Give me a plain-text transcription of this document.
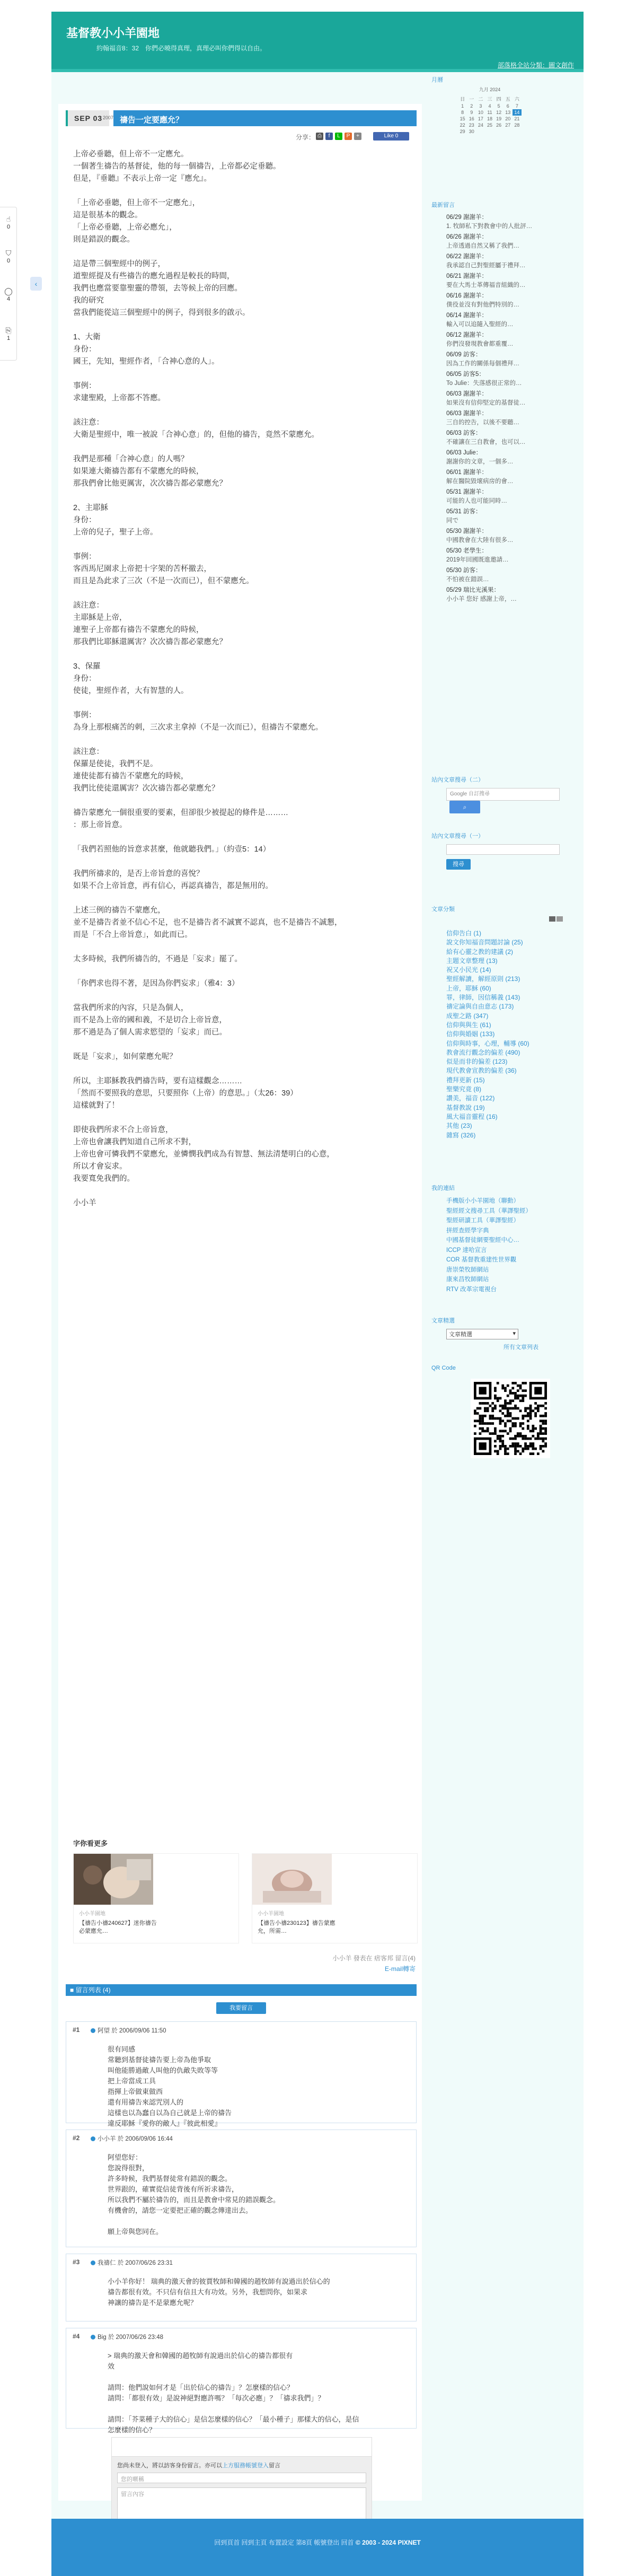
基督教小小羊園地
約翰福音8：32　你們必曉得真理，真理必叫你們得以自由。
部落格全站分類：圖文創作
☝
0
⛉
0
◯
4
⎘
1
‹
SEP 03 2007 禱告一定要應允？
分享： ⎙	f	L	P	+	Like 0
上帝必垂聽，但上帝不一定應允。
一個著生禱告的基督徒，他的每一個禱告，上帝都必定垂聽。
但是，『垂聽』不表示上帝一定『應允』。
「上帝必垂聽，但上帝不一定應允」，
這是很基本的觀念。
「上帝必垂聽，上帝必應允」，
則是錯誤的觀念。
這是帶三個聖經中的例子，
道聖經提及有些禱告的應允過程是較長的時間，
我們也應當要靠聖靈的帶領，去等候上帝的回應。
我的研究
當我們能從這三個聖經中的例子，得到很多的啟示。
1、大衛
身份：
國王，先知，聖經作者，「合神心意的人」。
事例：
求建聖殿，上帝都不答應。
該注意：
大衛是聖經中，唯一被說「合神心意」的，但他的禱告，竟然不蒙應允。
我們是那種「合神心意」的人嗎？
如果連大衛禱告都有不蒙應允的時候，
那我們會比他更厲害，次次禱告都必蒙應允？
2、主耶穌
身份：
上帝的兒子，聖子上帝。
事例：
客西馬尼園求上帝把十字架的苦杯撤去，
而且是為此求了三次（不是一次而已），但不蒙應允。
該注意：
主耶穌是上帝，
連聖子上帝都有禱告不蒙應允的時候，
那我們比耶穌還厲害？次次禱告都必蒙應允？
3、保羅
身份：
使徒，聖經作者，大有智慧的人。
事例：
為身上那根痛苦的刺，三次求主拿掉（不是一次而已），但禱告不蒙應允。
該注意：
保羅是使徒，我們不是。
連使徒都有禱告不蒙應允的時候，
我們比使徒還厲害？次次禱告都必蒙應允？
禱告蒙應允一個很重要的要素，但卻很少被提起的條件是………
：那上帝旨意。
「我們若照他的旨意求甚麼，他就聽我們。」（約壹5：14）
我們所禱求的，是否上帝旨意的喜悅？
如果不合上帝旨意，再有信心，再認真禱告，都是無用的。
上述三例的禱告不蒙應允，
並不是禱告者並不信心不足，也不是禱告者不誠實不認真，也不是禱告不誠懇，
而是「不合上帝旨意」，如此而已。
太多時候，我們所禱告的，不過是「妄求」罷了。
「你們求也得不著，是因為你們妄求」（雅4：3）
當我們所求的內容，只是為個人，
而不是為上帝的國和義，不是切合上帝旨意，
那不過是為了個人需求慾望的「妄求」而已。
既是「妄求」，如何蒙應允呢？
所以，主耶穌教我們禱告時，要有這樣觀念………
「然而不要照我的意思，只要照你（上帝）的意思。」（太26：39）
這樣就對了！
即使我們所求不合上帝旨意，
上帝也會讓我們知道自己所求不對，
上帝也會可憐我們不蒙應允，並憐憫我們成為有智慧、無法清楚明白的心意，
所以才會妄求。
我要寬免我們的。
小小羊
字你看更多
小小羊園地
【禱告小禱240627】迷你禱告必蒙應允…
小小羊園地
【禱告小禱230123】禱告蒙應允，所需…
小小羊 發表在 痞客邦 留言(4)
E-mail轉寄
■ 留言列表 (4)
我要留言
#1	阿望 於 2006/09/06 11:50
很有同感
常聽到基督徒禱告要上帝為他爭取
叫他能勝過敵人叫他的仇敵失敗等等
把上帝當成工具
指揮上帝做東做西
還有用禱告來認咒別人的
這樣也以為蠢自以為自己就是上帝的禱告
違反耶穌『愛你的敵人』『彼此相愛』

#2	小小羊 於 2006/09/06 16:44
阿望您好：
您說得很對，
許多時候，我們基督徒常有錯誤的觀念。
世界跟的，確實從信徒背後有所祈求禱告，
所以我們不屬於禱告的，而且是教會中常見的錯誤觀念。
有機會的，請您一定要把正確的觀念傳達出去。

願上帝與您同在。
#3	我禱仁 於 2007/06/26 23:31
小小羊你好！ 瑞典的激天會的彼賈牧師和韓國的趙牧師有說過出於信心的
禱告都很有效。不只信有信且大有功效。另外，我想問你，如果求
神讓的禱告是不是蒙應允呢？
#4	Big 於 2007/06/26 23:48
> 瑞典的激天會和韓國的趙牧師有說過出於信心的禱告都很有
效

請問：他們說如何才是「出於信心的禱告」？怎麼樣的信心？
請問：「都很有效」是說神絕對應許嗎？「每次必應」？「禱求我們」？

請問：「芥菜種子大的信心」是信怎麼樣的信心？「最小種子」那樣大的信心，是信怎麼樣的信心？
您尚未登入，將以訪客身份留言。亦可以上方服務帳號登入留言
您的暱稱
留言內容
月曆
九月 2024
日	一	二	三	四	五	六
1	2	3	4	5	6	7
8	9	10	11	12	13	14
15	16	17	18	19	20	21
22	23	24	25	26	27	28
29	30					
最新留言
06/29 謝謝羊：
1. 牧師私下對教會中的人批評…
06/26 謝謝羊：
上帝透過自然又稱了我們…
06/22 謝謝羊：
我承認自己對聖經屬于禮拜…
06/21 謝謝羊：
要在大馬士革傳福音組織的…
06/16 謝謝羊：
僕役並沒有對他們特別的…
06/14 謝謝羊：
輸入可以追隨入聖經的…
06/12 謝謝羊：
你們沒發現教會都重覆…
06/09 訪客：
因為工作的關係每個禮拜…
06/05 訪客5：
To Julie：失落感很正常的…
06/03 謝謝羊：
如果沒有信仰堅定的基督徒…
06/03 謝謝羊：
三自的控告，以後不要聽…
06/03 訪客：
不確讓在三自教會，也可以…
06/03 Julie：
謝謝你的文章，一個多…
06/01 謝謝羊：
解在醫院毀壞病房的會…
05/31 謝謝羊：
可能的人也可能同時…
05/31 訪客：
同で
05/30 謝謝羊：
中國教會在大陸有很多…
05/30 老學生：
2019年回國既進邀請…
05/30 訪客：
不怕被在錯誤…
05/29 瑞比光溪果：
小小羊 您好 感謝上帝，…
站內文章搜尋（二）
Google 自訂搜尋⌕
站內文章搜尋（一）
搜尋
文章分類
信仰告白 (1)
說文你知福音問題討論 (25)
給有心靈之教的建議 (2)
主題文章整理 (13)
祝又小民光 (14)
聖經解讀，解經原則 (213)
上帝，耶穌 (60)
罪，律師，因信稱義 (143)
禱定論與自由意志 (173)
成聖之路 (347)
信仰與與生 (61)
信仰與婚姻 (133)
信仰與時事，心理，輔導 (60)
教會流行觀念的偏差 (490)
似是而非的偏差 (123)
現代教會宣教的偏差 (36)
禮拜更新 (15)
聖樂究竟 (8)
讚美，福音 (122)
基督教說 (19)
風大福音靈程 (16)
其他 (23)
雜寫 (326)
我的連結
手機版小小羊園地（聯動）
聖經經文搜尋工具（華譯聖經）
聖經研讀工具（華譯聖經）
拼經查經學字典
中國基督徒網要聖經中心…
ICCP 達哈宣言
COR 基督教重建性世界觀
唐崇榮牧師網站
康來昌牧師網站
RTV 改革宗電視台
文章精選
文章精選	▾
所有文章列表
QR Code
回到頁首 回到主頁 布置設定 第8頁 帳號登出 回首 © 2003 - 2024 PIXNET
